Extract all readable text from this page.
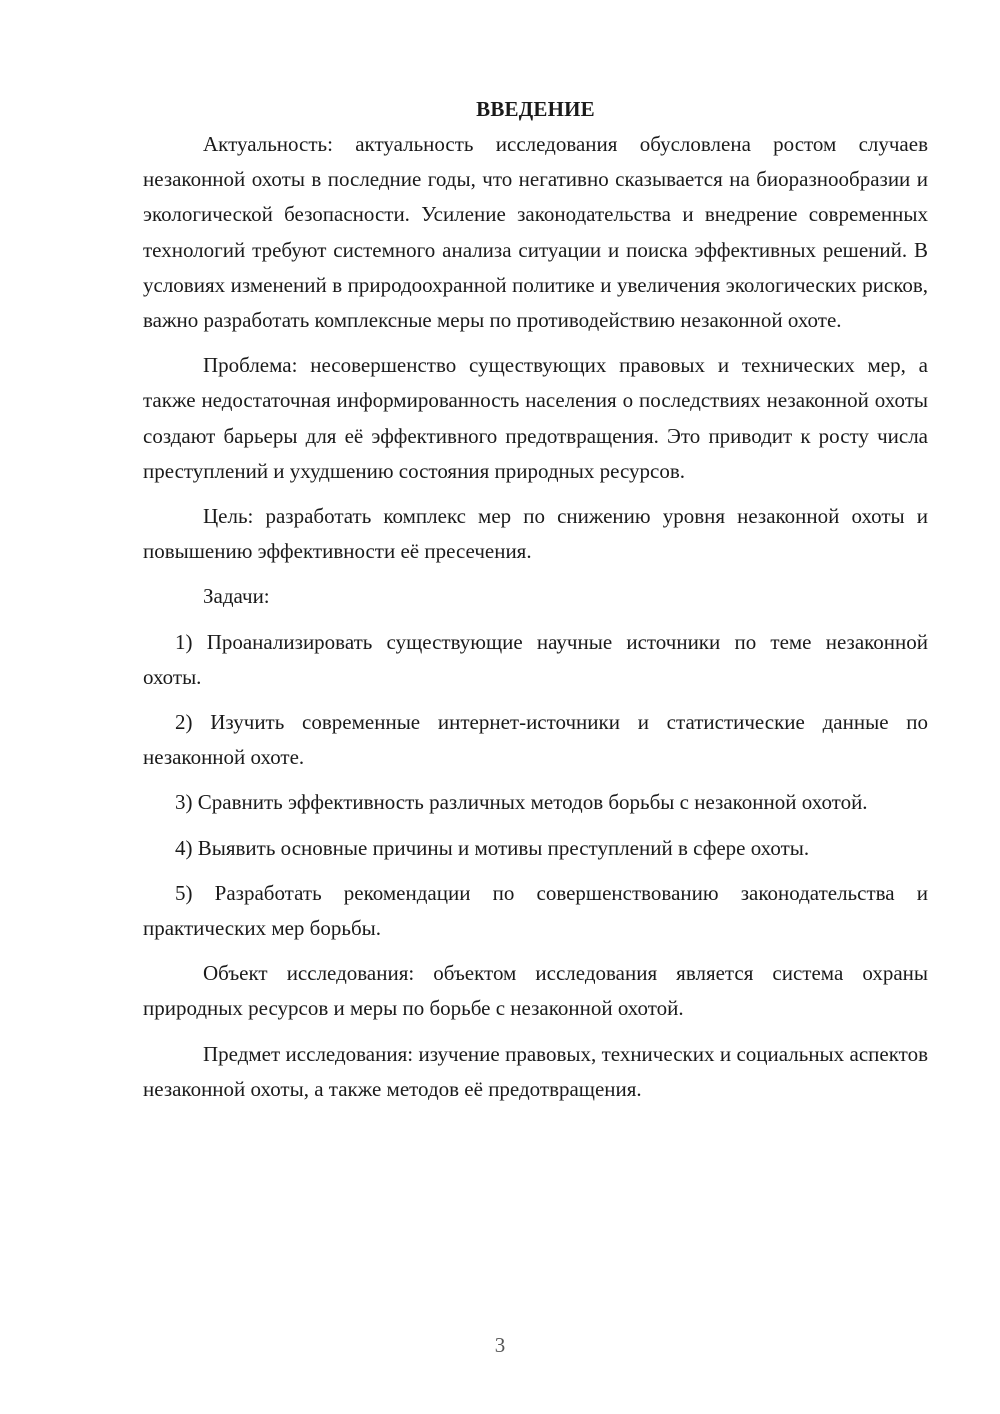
ВВЕДЕНИЕ

Актуальность: актуальность исследования обусловлена ростом случаев незаконной охоты в последние годы, что негативно сказывается на биоразнообразии и экологической безопасности. Усиление законодательства и внедрение современных технологий требуют системного анализа ситуации и поиска эффективных решений. В условиях изменений в природоохранной политике и увеличения экологических рисков, важно разработать комплексные меры по противодействию незаконной охоте.

Проблема: несовершенство существующих правовых и технических мер, а также недостаточная информированность населения о последствиях незаконной охоты создают барьеры для её эффективного предотвращения. Это приводит к росту числа преступлений и ухудшению состояния природных ресурсов.

Цель: разработать комплекс мер по снижению уровня незаконной охоты и повышению эффективности её пресечения.

Задачи:

1) Проанализировать существующие научные источники по теме незаконной охоты.

2) Изучить современные интернет-источники и статистические данные по незаконной охоте.

3) Сравнить эффективность различных методов борьбы с незаконной охотой.

4) Выявить основные причины и мотивы преступлений в сфере охоты.

5) Разработать рекомендации по совершенствованию законодательства и практических мер борьбы.

Объект исследования: объектом исследования является система охраны природных ресурсов и меры по борьбе с незаконной охотой.

Предмет исследования: изучение правовых, технических и социальных аспектов незаконной охоты, а также методов её предотвращения.

3
